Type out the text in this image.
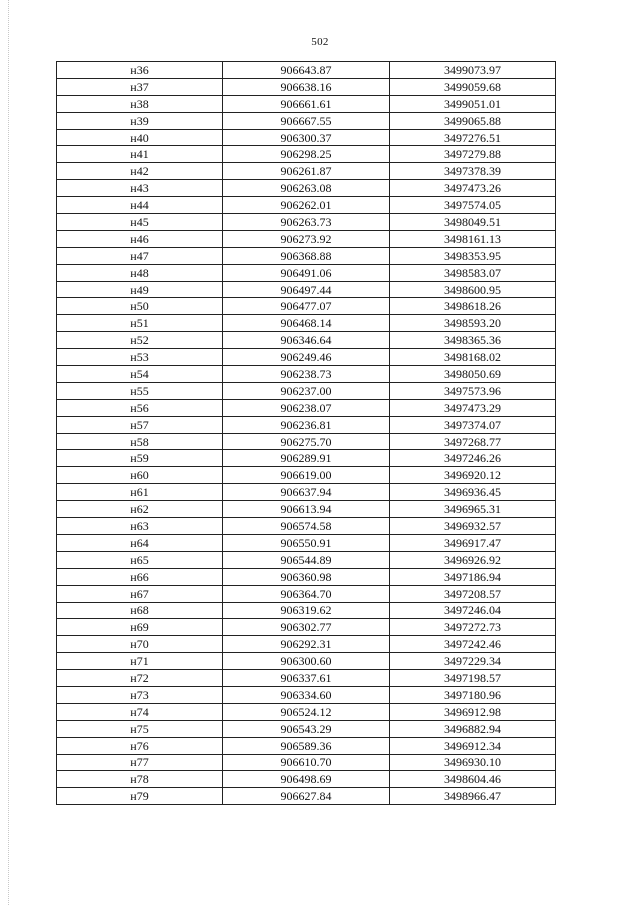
502
н36	906643.87	3499073.97
н37	906638.16	3499059.68
н38	906661.61	3499051.01
н39	906667.55	3499065.88
н40	906300.37	3497276.51
н41	906298.25	3497279.88
н42	906261.87	3497378.39
н43	906263.08	3497473.26
н44	906262.01	3497574.05
н45	906263.73	3498049.51
н46	906273.92	3498161.13
н47	906368.88	3498353.95
н48	906491.06	3498583.07
н49	906497.44	3498600.95
н50	906477.07	3498618.26
н51	906468.14	3498593.20
н52	906346.64	3498365.36
н53	906249.46	3498168.02
н54	906238.73	3498050.69
н55	906237.00	3497573.96
н56	906238.07	3497473.29
н57	906236.81	3497374.07
н58	906275.70	3497268.77
н59	906289.91	3497246.26
н60	906619.00	3496920.12
н61	906637.94	3496936.45
н62	906613.94	3496965.31
н63	906574.58	3496932.57
н64	906550.91	3496917.47
н65	906544.89	3496926.92
н66	906360.98	3497186.94
н67	906364.70	3497208.57
н68	906319.62	3497246.04
н69	906302.77	3497272.73
н70	906292.31	3497242.46
н71	906300.60	3497229.34
н72	906337.61	3497198.57
н73	906334.60	3497180.96
н74	906524.12	3496912.98
н75	906543.29	3496882.94
н76	906589.36	3496912.34
н77	906610.70	3496930.10
н78	906498.69	3498604.46
н79	906627.84	3498966.47
